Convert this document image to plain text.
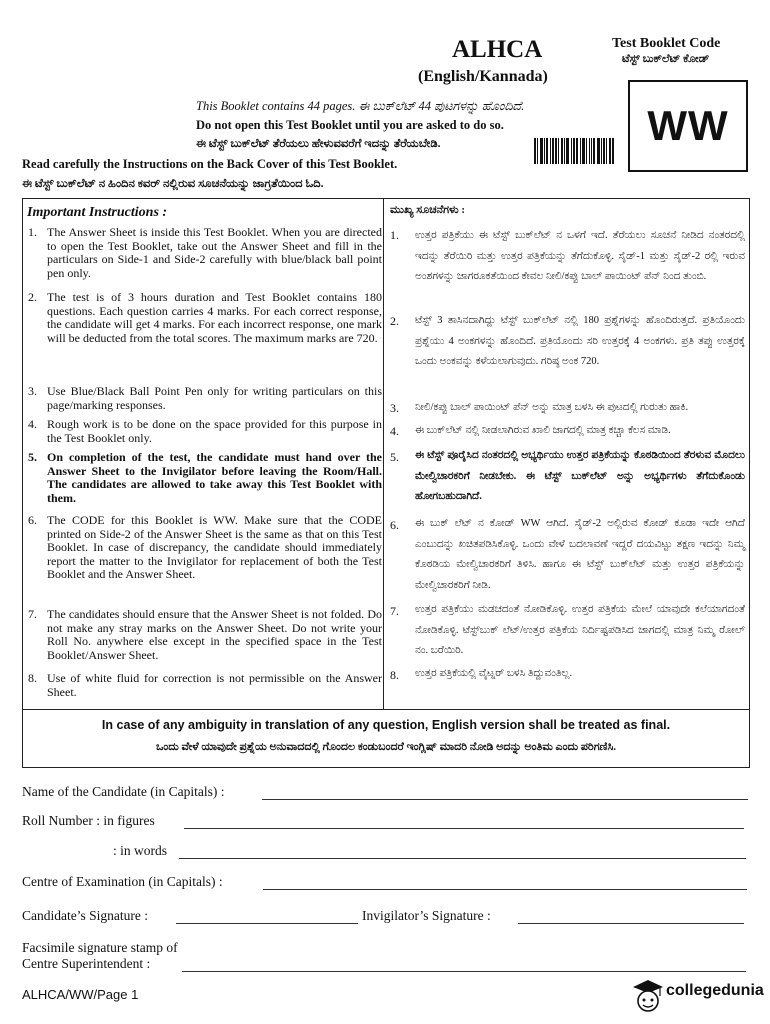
ALHCA
(English/Kannada)
Test Booklet Code
ಟೆಸ್ಟ್ ಬುಕ್‌ಲೆಟ್ ಕೋಡ್
WW
This Booklet contains 44 pages. ಈ ಬುಕ್‌ಲೆಟ್ 44 ಪುಟಗಳನ್ನು ಹೊಂದಿದೆ.
Do not open this Test Booklet until you are asked to do so.
ಈ ಟೆಸ್ಟ್ ಬುಕ್‌ಲೆಟ್ ತೆರೆಯಲು ಹೇಳುವವರೆಗೆ ಇದನ್ನು ತೆರೆಯಬೇಡಿ.
Read carefully the Instructions on the Back Cover of this Test Booklet.
ಈ ಟೆಸ್ಟ್ ಬುಕ್‌ಲೆಟ್ ನ ಹಿಂದಿನ ಕವರ್ ನಲ್ಲಿರುವ ಸೂಚನೆಯನ್ನು ಜಾಗ್ರತೆಯಿಂದ ಓದಿ.
Important Instructions :	ಮುಖ್ಯ ಸೂಚನೆಗಳು :
1. The Answer Sheet is inside this Test Booklet. When you are directed to open the Test Booklet, take out the Answer Sheet and fill in the particulars on Side-1 and Side-2 carefully with blue/black ball point pen only.
2. The test is of 3 hours duration and Test Booklet contains 180 questions. Each question carries 4 marks. For each correct response, the candidate will get 4 marks. For each incorrect response, one mark will be deducted from the total scores. The maximum marks are 720.
3. Use Blue/Black Ball Point Pen only for writing particulars on this page/marking responses.
4. Rough work is to be done on the space provided for this purpose in the Test Booklet only.
5. On completion of the test, the candidate must hand over the Answer Sheet to the Invigilator before leaving the Room/Hall. The candidates are allowed to take away this Test Booklet with them.
6. The CODE for this Booklet is WW. Make sure that the CODE printed on Side-2 of the Answer Sheet is the same as that on this Test Booklet. In case of discrepancy, the candidate should immediately report the matter to the Invigilator for replacement of both the Test Booklet and the Answer Sheet.
7. The candidates should ensure that the Answer Sheet is not folded. Do not make any stray marks on the Answer Sheet. Do not write your Roll No. anywhere else except in the specified space in the Test Booklet/Answer Sheet.
8. Use of white fluid for correction is not permissible on the Answer Sheet.
1. ಉತ್ತರ ಪತ್ರಿಕೆಯು ಈ ಟೆಸ್ಟ್ ಬುಕ್‌ಲೆಟ್ ನ ಒಳಗೆ ಇದೆ. ತೆರೆಯಲು ಸೂಚನೆ ನೀಡಿದ ನಂತರದಲ್ಲಿ ಇದನ್ನು ತೆರೆಯಿರಿ ಮತ್ತು ಉತ್ತರ ಪತ್ರಿಕೆಯನ್ನು ತೆಗೆದುಕೊಳ್ಳಿ. ಸೈಡ್-1 ಮತ್ತು ಸೈಡ್-2 ರಲ್ಲಿ ಇರುವ ಅಂಶಗಳನ್ನು ಜಾಗರೂಕತೆಯಿಂದ ಕೇವಲ ನೀಲಿ/ಕಪ್ಪು ಬಾಲ್ ಪಾಯಿಂಟ್ ಪೆನ್ ನಿಂದ ತುಂಬಿ.
2. ಟೆಸ್ಟ್ 3 ತಾಸಿನದಾಗಿದ್ದು ಟೆಸ್ಟ್ ಬುಕ್‌ಲೆಟ್ ನಲ್ಲಿ 180 ಪ್ರಶ್ನೆಗಳನ್ನು ಹೊಂದಿರುತ್ತದೆ. ಪ್ರತಿಯೊಂದು ಪ್ರಶ್ನೆಯು 4 ಅಂಕಗಳನ್ನು ಹೊಂದಿದೆ. ಪ್ರತಿಯೊಂದು ಸರಿ ಉತ್ತರಕ್ಕೆ 4 ಅಂಕಗಳು. ಪ್ರತಿ ತಪ್ಪು ಉತ್ತರಕ್ಕೆ ಒಂದು ಅಂಕವನ್ನು ಕಳೆಯಲಾಗುವುದು. ಗರಿಷ್ಠ ಅಂಕ 720.
3. ನೀಲಿ/ಕಪ್ಪು ಬಾಲ್ ಪಾಯಿಂಟ್ ಪೆನ್ ಅನ್ನು ಮಾತ್ರ ಬಳಸಿ ಈ ಪುಟದಲ್ಲಿ ಗುರುತು ಹಾಕಿ.
4. ಈ ಬುಕ್‌ಲೆಟ್ ನಲ್ಲಿ ನೀಡಲಾಗಿರುವ ಖಾಲಿ ಜಾಗದಲ್ಲಿ ಮಾತ್ರ ಕಚ್ಚಾ ಕೆಲಸ ಮಾಡಿ.
5. ಈ ಟೆಸ್ಟ್ ಪೂರೈಸಿದ ನಂತರದಲ್ಲಿ ಅಭ್ಯರ್ಥಿಯು ಉತ್ತರ ಪತ್ರಿಕೆಯನ್ನು ಕೊಠಡಿಯಿಂದ ತೆರಳುವ ಮೊದಲು ಮೇಲ್ವಿಚಾರಕರಿಗೆ ನೀಡಬೇಕು. ಈ ಟೆಸ್ಟ್ ಬುಕ್‌ಲೆಟ್ ಅನ್ನು ಅಭ್ಯರ್ಥಿಗಳು ತೆಗೆದುಕೊಂಡು ಹೋಗಬಹುದಾಗಿದೆ.
6. ಈ ಬುಕ್ ಲೆಟ್ ನ ಕೋಡ್ WW ಆಗಿದೆ. ಸೈಡ್-2 ಅಲ್ಲಿರುವ ಕೋಡ್ ಕೂಡಾ ಇದೇ ಆಗಿದೆ ಎಂಬುದನ್ನು ಖಚಿತಪಡಿಸಿಕೊಳ್ಳಿ. ಒಂದು ವೇಳೆ ಬದಲಾವಣೆ ಇದ್ದರೆ ದಯವಿಟ್ಟು ತಕ್ಷಣ ಇದನ್ನು ನಿಮ್ಮ ಕೊಠಡಿಯ ಮೇಲ್ವಿಚಾರಕರಿಗೆ ತಿಳಿಸಿ. ಹಾಗೂ ಈ ಟೆಸ್ಟ್ ಬುಕ್‌ಲೆಟ್ ಮತ್ತು ಉತ್ತರ ಪತ್ರಿಕೆಯನ್ನು ಮೇಲ್ವಿಚಾರಕರಿಗೆ ನೀಡಿ.
7. ಉತ್ತರ ಪತ್ರಿಕೆಯು ಮಡಚದಂತೆ ನೋಡಿಕೊಳ್ಳಿ. ಉತ್ತರ ಪತ್ರಿಕೆಯ ಮೇಲೆ ಯಾವುದೇ ಕಲೆಯಾಗದಂತೆ ನೋಡಿಕೊಳ್ಳಿ. ಟೆಸ್ಟ್‌ಬುಕ್ ಲೆಟ್/ಉತ್ತರ ಪತ್ರಿಕೆಯ ನಿರ್ದಿಷ್ಟಪಡಿಸಿದ ಜಾಗದಲ್ಲಿ ಮಾತ್ರ ನಿಮ್ಮ ರೋಲ್ ನಂ. ಬರೆಯಿರಿ.
8. ಉತ್ತರ ಪತ್ರಿಕೆಯಲ್ಲಿ ವೈಟ್ನರ್ ಬಳಸಿ ತಿದ್ದುವಂತಿಲ್ಲ.
In case of any ambiguity in translation of any question, English version shall be treated as final.
ಒಂದು ವೇಳೆ ಯಾವುದೇ ಪ್ರಶ್ನೆಯ ಅನುವಾದದಲ್ಲಿ ಗೊಂದಲ ಕಂಡುಬಂದರೆ ಇಂಗ್ಲಿಷ್ ಮಾದರಿ ನೋಡಿ ಅದನ್ನು ಅಂತಿಮ ಎಂದು ಪರಿಗಣಿಸಿ.
Name of the Candidate (in Capitals) :
Roll Number : in figures
: in words
Centre of Examination (in Capitals) :
Candidate’s Signature :	Invigilator’s Signature :
Facsimile signature stamp of
Centre Superintendent :
ALHCA/WW/Page 1	collegedunia
